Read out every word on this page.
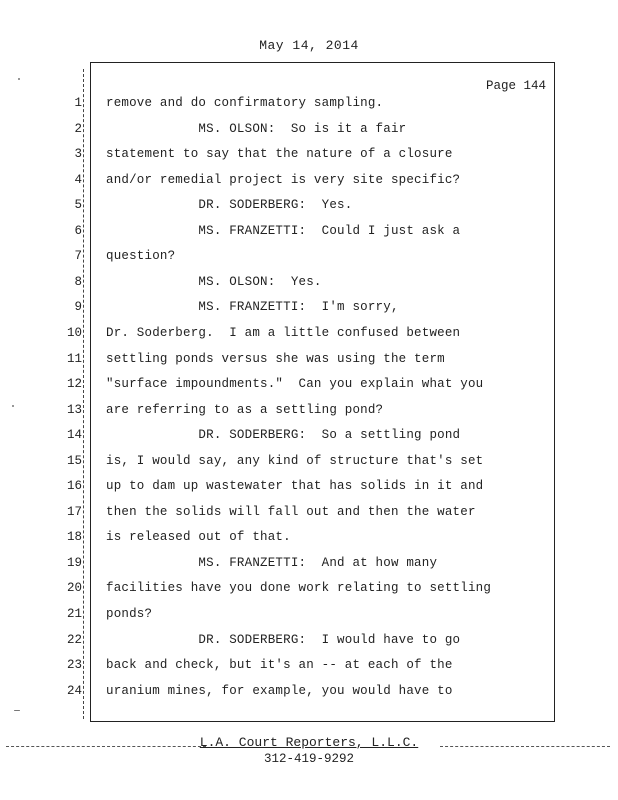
May 14, 2014
Page 144
1 remove and do confirmatory sampling.
2 MS. OLSON:  So is it a fair
3 statement to say that the nature of a closure
4 and/or remedial project is very site specific?
5 DR. SODERBERG:  Yes.
6 MS. FRANZETTI:  Could I just ask a
7 question?
8 MS. OLSON:  Yes.
9 MS. FRANZETTI:  I'm sorry,
10 Dr. Soderberg.  I am a little confused between
11 settling ponds versus she was using the term
12 "surface impoundments."  Can you explain what you
13 are referring to as a settling pond?
14 DR. SODERBERG:  So a settling pond
15 is, I would say, any kind of structure that's set
16 up to dam up wastewater that has solids in it and
17 then the solids will fall out and then the water
18 is released out of that.
19 MS. FRANZETTI:  And at how many
20 facilities have you done work relating to settling
21 ponds?
22 DR. SODERBERG:  I would have to go
23 back and check, but it's an -- at each of the
24 uranium mines, for example, you would have to
L.A. Court Reporters, L.L.C.
312-419-9292
